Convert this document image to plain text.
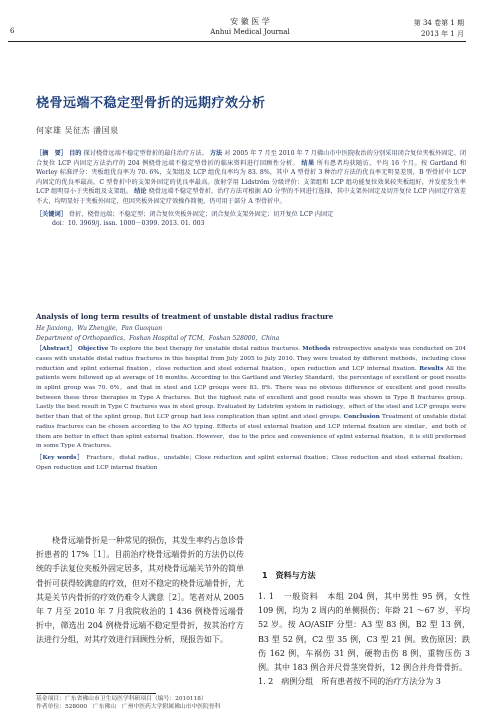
6
安 徽 医 学
Anhui Medical Journal
第 34 卷第 1 期
2013 年 1 月
桡骨远端不稳定型骨折的远期疗效分析
何家雄 吴征杰 潘国泉

［摘　要］ 目的 探讨桡骨远端不稳定型骨折的最佳治疗方法。 方法 对 2005 年 7 月至 2010 年 7 月佛山市中医院收治的分别采用闭合复位夹板外固定、闭合复位 LCP 内固定方法治疗的 204 例桡骨远端不稳定型骨折的临床资料进行回顾性分析。 结果 所有患者均获随访，平均 16 个月。按 Gartland 和 Werley 标准评分：夹板组优良率为 70. 6%，支架组及 LCP 组优良率均为 83. 8%，其中 A 型骨折 3 种治疗方法的优良率无明显差别，B 型骨折中 LCP 内固定的优良率最高，C 型骨折中的支架外固定的优良率最高。放射学用 Lidström 分级评价：支架组和 LCP 组功能复位效果较夹板组好，并发症发生率 LCP 组明显小于夹板组及支架组。 结论 桡骨远端不稳定型骨折，治疗方法可根据 AO 分型的不同进行选择，其中支架外固定及切开复位 LCP 内固定疗效差不大，均明显好于夹板外固定，但因夹板外固定疗效操作简便，仍可用于部分 A 型骨折中。

［关键词］ 骨折，桡骨远端；不稳定型；闭合复位夹板外固定；闭合复位支架外固定；切开复位 LCP 内固定

doi：10. 3969/j. issn. 1000－0399. 2013. 01. 003

Analysis of long term results of treatment of unstable distal radius fracture
He Jiaxiong，Wu Zhengjie，Pan Guoquan
Department of Orthopaedics，Foshan Hospital of TCM，Foshan 528000，China

［Abstract］ Objective To explore the best therapy for unstable distal radius fractures. Methods retrospective analysis was conducted on 204 cases with unstable distal radius fractures in this hospital from July 2005 to July 2010. They were treated by different methods，including close reduction and splint external fixation，close reduction and steel external fixation，open reduction and LCP internal fixation. Results All the patients were followed up at average of 16 months. According to the Gartland and Werley Standard，the percentage of excellent or good results in splint group was 70. 6%，and that in steel and LCP groups were 83. 8%. There was no obvious difference of excellent and good results between these three therapies in Type A fractures. But the highest rate of excellent and good results was shown in Type B fractures group. Lastly the best result in Type C fractures was in steel group. Evaluated by Lidström system in radiology，effect of the steel and LCP groups were better than that of the splint group. But LCP group had less complication than splint and steel groups. Conclusion Treatment of unstable distal radius fractures can be chosen according to the AO typing. Effects of steel external fixation and LCP internal fixation are similar，and both of them are better in effect than splint external fixation. However，due to the price and convenience of splint external fixation，it is still preformed in some Type A fractures.

［Key words］ Fracture，distal radius，unstable；Close reduction and splint external fixation；Close reduction and steel external fixation；Open reduction and LCP internal fixation

桡骨远端骨折是一种常见的损伤，其发生率约占急诊骨折患者的 17%［1］。目前治疗桡骨远端骨折的方法仍以传统的手法复位夹板外固定居多，其对桡骨远端关节外的简单骨折可获得较满意的疗效，但对不稳定的桡骨远端骨折，尤其是关节内骨折的疗效仍难令人满意［2］。笔者对从 2005 年 7 月至 2010 年 7 月我院收治的 1 436 例桡骨远端骨折中，筛选出 204 例桡骨远端不稳定型骨折，按其治疗方法进行分组，对其疗效进行回顾性分析，现报告如下。

1　资料与方法

1. 1　一般资料　本组 204 例，其中男性 95 例，女性 109 例，均为 2 周内的单侧损伤；年龄 21 ～67 岁，平均 52 岁。按 AO/ASIF 分型：A3 型 83 例，B2 型 13 例，B3 型 52 例，C2 型 35 例，C3 型 21 例。致伤原因：跌伤 162 例，车祸伤 31 例，硬物击伤 8 例，重物压伤 3 例。其中 183 例合并尺骨茎突骨折，12 例合并舟骨骨折。
1. 2　病例分组　所有患者按不同的治疗方法分为 3

基金项目：广东省佛山市卫生局医学科研项目（编号：2010118）
作者单位：528000　广东佛山　广州中医药大学附属佛山市中医院骨科
